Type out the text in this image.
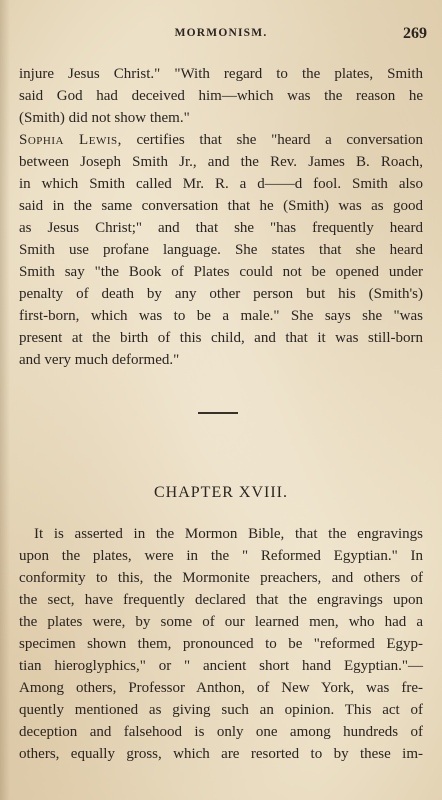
MORMONISM.	269
injure Jesus Christ." "With regard to the plates, Smith
said God had deceived him—which was the reason he
(Smith) did not show them."
Sophia Lewis, certifies that she "heard a conversation
between Joseph Smith Jr., and the Rev. James B. Roach,
in which Smith called Mr. R. a d——d fool. Smith also
said in the same conversation that he (Smith) was as good
as Jesus Christ;" and that she "has frequently heard
Smith use profane language. She states that she heard
Smith say "the Book of Plates could not be opened under
penalty of death by any other person but his (Smith's)
first-born, which was to be a male." She says she "was
present at the birth of this child, and that it was still-born
and very much deformed."
CHAPTER XVIII.
It is asserted in the Mormon Bible, that the engravings
upon the plates, were in the " Reformed Egyptian." In
conformity to this, the Mormonite preachers, and others of
the sect, have frequently declared that the engravings upon
the plates were, by some of our learned men, who had a
specimen shown them, pronounced to be "reformed Egyp-
tian hieroglyphics," or " ancient short hand Egyptian."—
Among others, Professor Anthon, of New York, was fre-
quently mentioned as giving such an opinion. This act of
deception and falsehood is only one among hundreds of
others, equally gross, which are resorted to by these im-
